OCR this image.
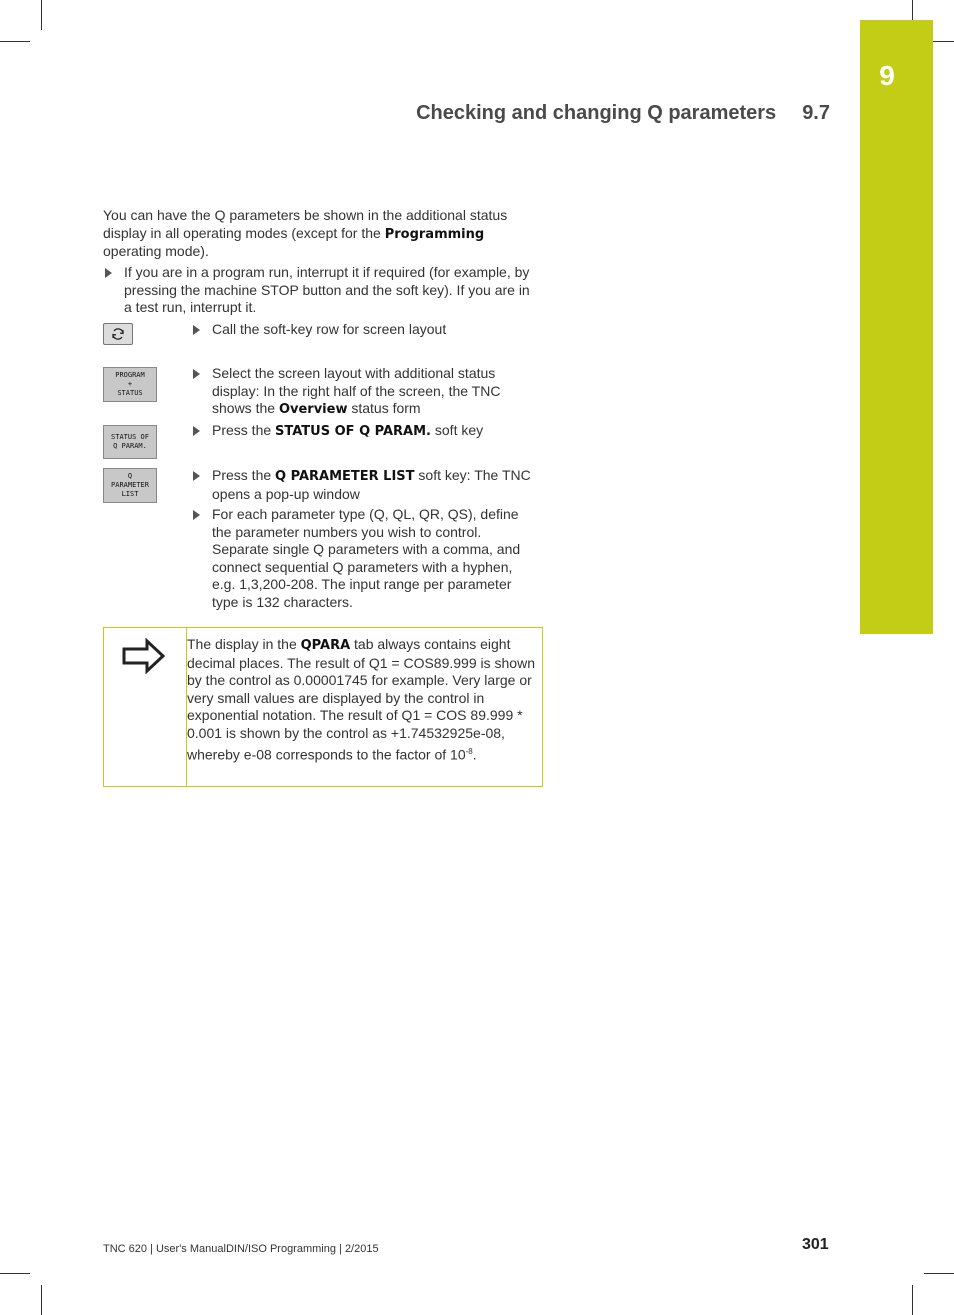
9
Checking and changing Q parameters 9.7
You can have the Q parameters be shown in the additional status display in all operating modes (except for the Programming operating mode).
If you are in a program run, interrupt it if required (for example, by pressing the machine STOP button and the soft key). If you are in a test run, interrupt it.
Call the soft-key row for screen layout
PROGRAM
+
STATUS
Select the screen layout with additional status display: In the right half of the screen, the TNC shows the Overview status form
STATUS OF
Q PARAM.
Press the STATUS OF Q PARAM. soft key
Q
PARAMETER
LIST
Press the Q PARAMETER LIST soft key: The TNC opens a pop-up window
For each parameter type (Q, QL, QR, QS), define the parameter numbers you wish to control. Separate single Q parameters with a comma, and connect sequential Q parameters with a hyphen, e.g. 1,3,200-208. The input range per parameter type is 132 characters.
The display in the QPARA tab always contains eight decimal places. The result of Q1 = COS89.999 is shown by the control as 0.00001745 for example. Very large or very small values are displayed by the control in exponential notation. The result of Q1 = COS 89.999 * 0.001 is shown by the control as +1.74532925e-08, whereby e-08 corresponds to the factor of $10^{-8}$.
TNC 620 | User's ManualDIN/ISO Programming | 2/2015	301
